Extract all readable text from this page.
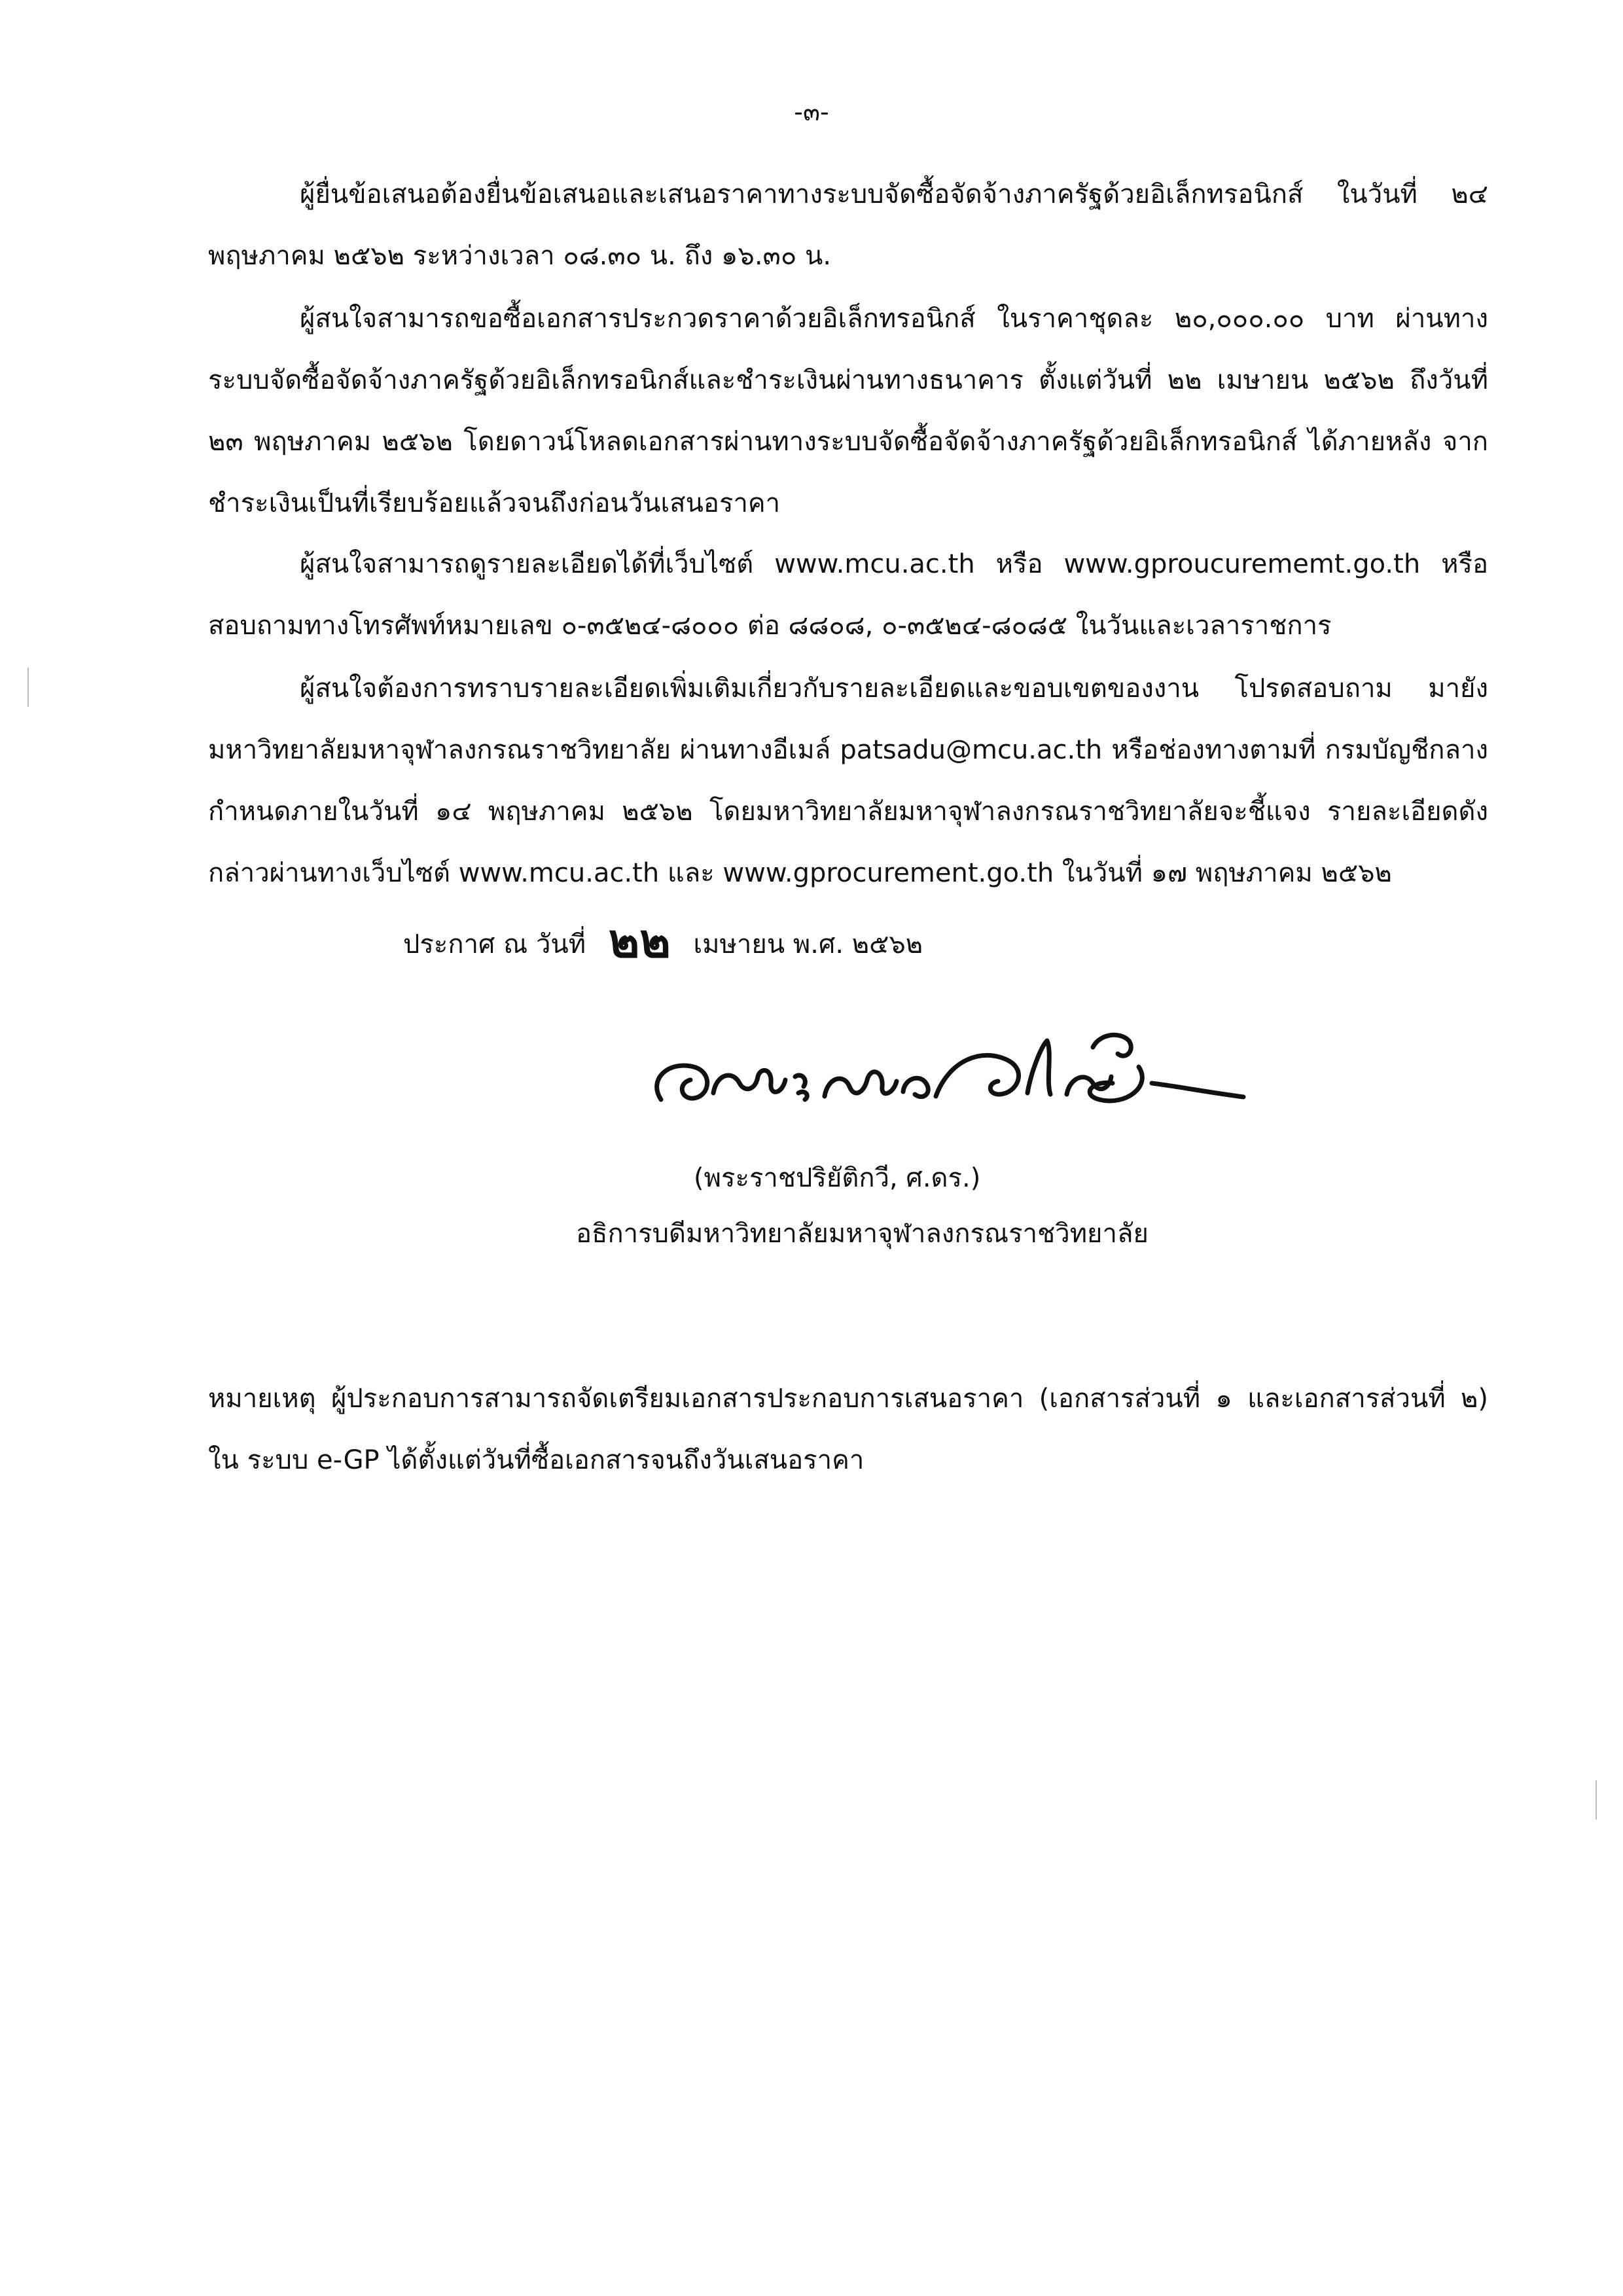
-๓-

ผู้ยื่นข้อเสนอต้องยื่นข้อเสนอและเสนอราคาทางระบบจัดซื้อจัดจ้างภาครัฐด้วยอิเล็กทรอนิกส์ ในวันที่ ๒๔ พฤษภาคม ๒๕๖๒ ระหว่างเวลา ๐๘.๓๐ น. ถึง ๑๖.๓๐ น.

ผู้สนใจสามารถขอซื้อเอกสารประกวดราคาด้วยอิเล็กทรอนิกส์ ในราคาชุดละ ๒๐,๐๐๐.๐๐ บาท ผ่านทาง ระบบจัดซื้อจัดจ้างภาครัฐด้วยอิเล็กทรอนิกส์และชำระเงินผ่านทางธนาคาร ตั้งแต่วันที่ ๒๒ เมษายน ๒๕๖๒ ถึงวันที่ ๒๓ พฤษภาคม ๒๕๖๒ โดยดาวน์โหลดเอกสารผ่านทางระบบจัดซื้อจัดจ้างภาครัฐด้วยอิเล็กทรอนิกส์ ได้ภายหลัง จากชำระเงินเป็นที่เรียบร้อยแล้วจนถึงก่อนวันเสนอราคา

ผู้สนใจสามารถดูรายละเอียดได้ที่เว็บไซต์ www.mcu.ac.th หรือ www.gproucurememt.go.th หรือ สอบถามทางโทรศัพท์หมายเลข ๐-๓๕๒๔-๘๐๐๐ ต่อ ๘๘๐๘, ๐-๓๕๒๔-๘๐๘๕ ในวันและเวลาราชการ

ผู้สนใจต้องการทราบรายละเอียดเพิ่มเติมเกี่ยวกับรายละเอียดและขอบเขตของงาน โปรดสอบถาม มายัง มหาวิทยาลัยมหาจุฬาลงกรณราชวิทยาลัย ผ่านทางอีเมล์ patsadu@mcu.ac.th หรือช่องทางตามที่ กรมบัญชีกลางกำหนดภายในวันที่ ๑๔ พฤษภาคม ๒๕๖๒ โดยมหาวิทยาลัยมหาจุฬาลงกรณราชวิทยาลัยจะชี้แจง รายละเอียดดังกล่าวผ่านทางเว็บไซต์ www.mcu.ac.th และ www.gprocurement.go.th ในวันที่ ๑๗ พฤษภาคม ๒๕๖๒

ประกาศ ณ วันที่ ๒๒ เมษายน พ.ศ. ๒๕๖๒
(พระราชปริยัติกวี, ศ.ดร.)
อธิการบดีมหาวิทยาลัยมหาจุฬาลงกรณราชวิทยาลัย

หมายเหตุ ผู้ประกอบการสามารถจัดเตรียมเอกสารประกอบการเสนอราคา (เอกสารส่วนที่ ๑ และเอกสารส่วนที่ ๒) ใน ระบบ e-GP ได้ตั้งแต่วันที่ซื้อเอกสารจนถึงวันเสนอราคา
